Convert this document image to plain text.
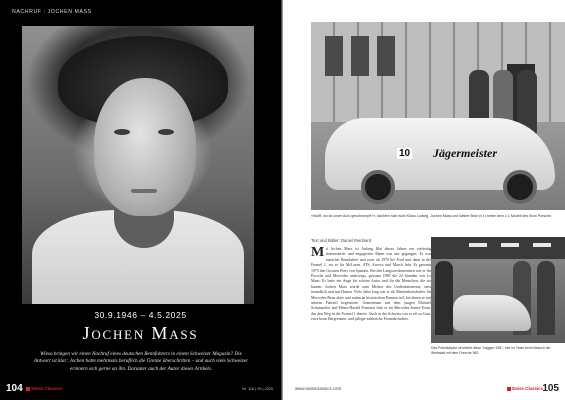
NACHRUF | JOCHEN MASS
30.9.1946 – 4.5.2025
Jochen Mass
Wieso bringen wir einen Nachruf eines deutschen Rennfahrers in einem Schweizer Magazin? Die Antwort ist klar: Jochen hatte mehrmals beruflich die Grenze überschritten – und auch viele Schweizer erinnern sich gerne an ihn. Darunter auch der Autor dieses Artikels.
104	Swiss Classics	Nr. 116 | 05 | 2025
10 Jägermeister
«Wolff, wo ist unser Auto geschrumpft?», dachten sich wohl Klaus Ludwig, Jochen Mass und Walter Brun (v.l.) hinter dem 1:1 Modell des Brun Porsche.
Text und Bilder: Daniel Reinhard
Mit Jochen Mass ist Anfang Mai dieses Jahres ein vielseitig interessierter und engagierter Mann von uns gegangen. Er war zunächst Rennfahrer und zwar ab 1970 bei Ford und dann in der Formel 1, wo er für McLaren, ATS, Arrows und March fuhr. Er gewann 1975 den Grossen Preis von Spanien. Bei den Langstreckenrennen war er für Porsche und Mercedes unterwegs, gewann 1989 die 24 Stunden von Le Mans. Er hatte ein Auge für schöne Autos und für die Menschen, die sie bauten. Jochen Mass wurde zum Meister des Understatements, stets freundlich und mit Humor. Viele Jahre lang war er als Markenbotschafter für Mercedes-Benz aktiv und nahm an historischen Rennen teil, bei denen er mit seinem Fahrstil begeisterte. Gemeinsam mit dem jungen Michael Schumacher und Heinz-Harald Frentzen fuhr er im Mercedes-Junior-Team, das den Weg in die Formel 1 ebnete. Auch in der Schweiz war er oft zu Gast, etwa beim Bergrennen, und pflegte zahlreiche Freundschaften.
Das Präsidialpilot verrichtet diese Traggen 1987, hier im Team beim Besuch der Werkstatt mit dem Porsche 962.
www.swissclassics.com	Swiss Classics 105
